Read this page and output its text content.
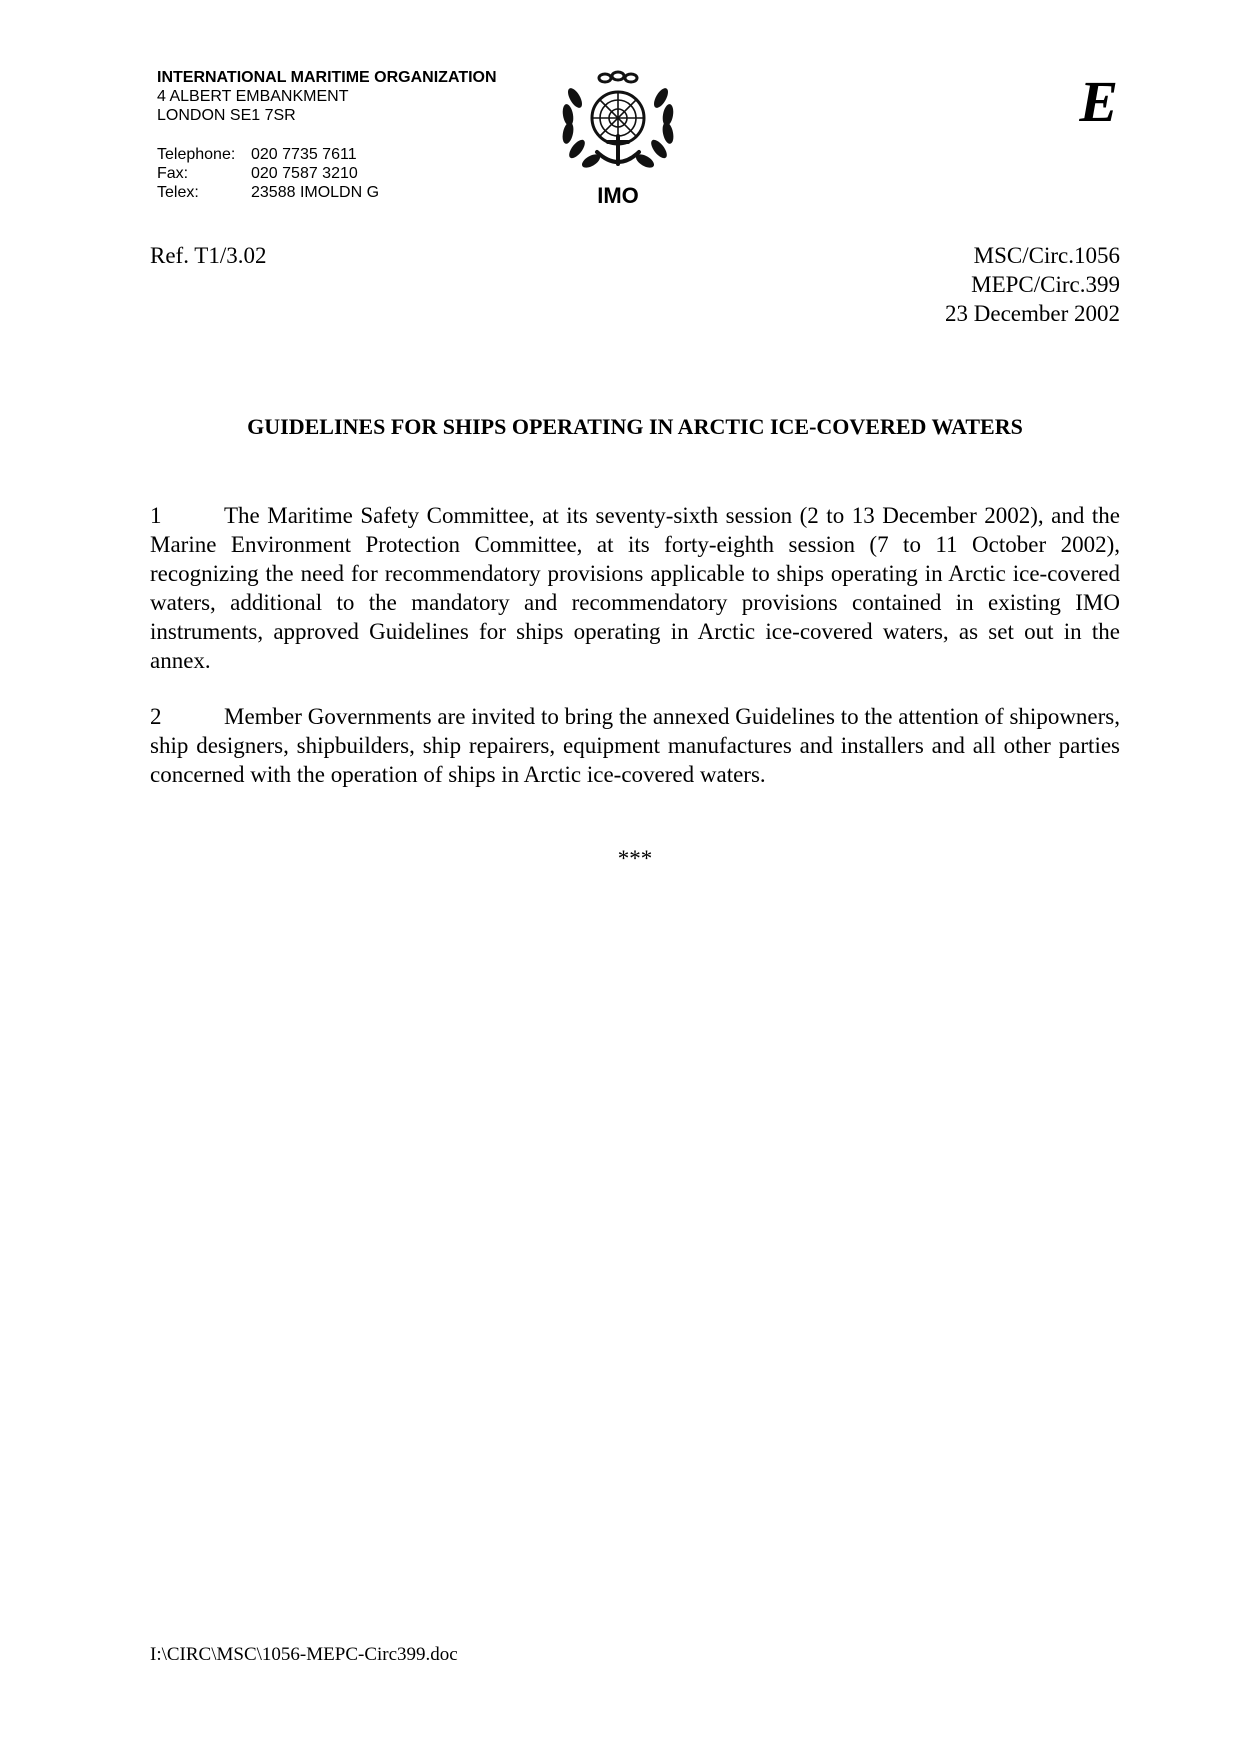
INTERNATIONAL MARITIME ORGANIZATION
4 ALBERT EMBANKMENT
LONDON SE1 7SR
Telephone: 020 7735 7611
Fax:	020 7587 3210
Telex:	23588 IMOLDN G	IMO
E
Ref. T1/3.02	MSC/Circ.1056
MEPC/Circ.399
23 December 2002
GUIDELINES FOR SHIPS OPERATING IN ARCTIC ICE-COVERED WATERS

1	The Maritime Safety Committee, at its seventy-sixth session (2 to 13 December 2002), and the Marine Environment Protection Committee, at its forty-eighth session (7 to 11 October 2002), recognizing the need for recommendatory provisions applicable to ships operating in Arctic ice-covered waters, additional to the mandatory and recommendatory provisions contained in existing IMO instruments, approved Guidelines for ships operating in Arctic ice-covered waters, as set out in the annex.

2	Member Governments are invited to bring the annexed Guidelines to the attention of shipowners, ship designers, shipbuilders, ship repairers, equipment manufactures and installers and all other parties concerned with the operation of ships in Arctic ice-covered waters.

***
I:\CIRC\MSC\1056-MEPC-Circ399.doc
